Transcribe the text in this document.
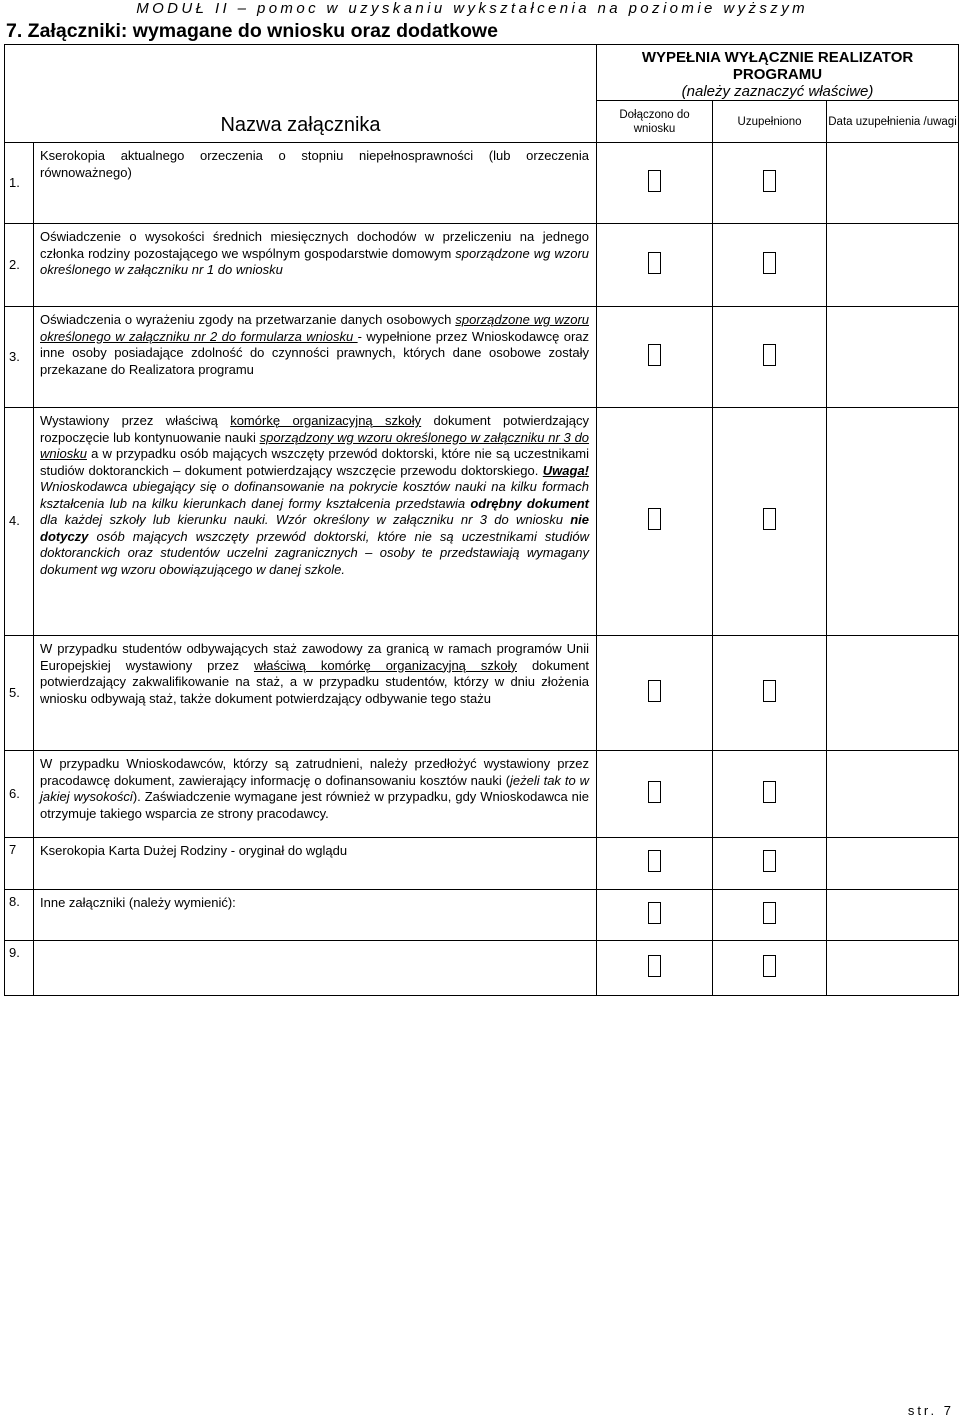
MODUŁ II – pomoc w uzyskaniu wykształcenia na poziomie wyższym
7. Załączniki: wymagane do wniosku oraz dodatkowe
Nazwa załącznika		WYPEŁNIA WYŁĄCZNIE REALIZATOR PROGRAMU
(należy zaznaczyć właściwe)		

		Dołączono do wniosku	Uzupełniono	Data uzupełnienia /uwagi
1.	Kserokopia aktualnego orzeczenia o stopniu niepełnosprawności (lub orzeczenia równoważnego)			
2.	Oświadczenie o wysokości średnich miesięcznych dochodów w przeliczeniu na jednego członka rodziny pozostającego we wspólnym gospodarstwie domowym sporządzone wg wzoru określonego w załączniku nr 1 do wniosku			
3.	Oświadczenia o wyrażeniu zgody na przetwarzanie danych osobowych sporządzone wg wzoru określonego w załączniku nr 2 do formularza wniosku - wypełnione przez Wnioskodawcę oraz inne osoby posiadające zdolność do czynności prawnych, których dane osobowe zostały przekazane do Realizatora programu			
4.	Wystawiony przez właściwą komórkę organizacyjną szkoły dokument potwierdzający rozpoczęcie lub kontynuowanie nauki sporządzony wg wzoru określonego w załączniku nr 3 do wniosku a w przypadku osób mających wszczęty przewód doktorski, które nie są uczestnikami studiów doktoranckich – dokument potwierdzający wszczęcie przewodu doktorskiego. Uwaga! Wnioskodawca ubiegający się o dofinansowanie na pokrycie kosztów nauki na kilku formach kształcenia lub na kilku kierunkach danej formy kształcenia przedstawia odrębny dokument dla każdej szkoły lub kierunku nauki. Wzór określony w załączniku nr 3 do wniosku nie dotyczy osób mających wszczęty przewód doktorski, które nie są uczestnikami studiów doktoranckich oraz studentów uczelni zagranicznych – osoby te przedstawiają wymagany dokument wg wzoru obowiązującego w danej szkole.			
5.	W przypadku studentów odbywających staż zawodowy za granicą w ramach programów Unii Europejskiej wystawiony przez właściwą komórkę organizacyjną szkoły dokument potwierdzający zakwalifikowanie na staż, a w przypadku studentów, którzy w dniu złożenia wniosku odbywają staż, także dokument potwierdzający odbywanie tego stażu			
6.	W przypadku Wnioskodawców, którzy są zatrudnieni, należy przedłożyć wystawiony przez pracodawcę dokument, zawierający informację o dofinansowaniu kosztów nauki (jeżeli tak to w jakiej wysokości). Zaświadczenie wymagane jest również w przypadku, gdy Wnioskodawca nie otrzymuje takiego wsparcia ze strony pracodawcy.			
7	Kserokopia Karta Dużej Rodziny - oryginał do wglądu			
8.	Inne załączniki (należy wymienić):			
9.				
str. 7
